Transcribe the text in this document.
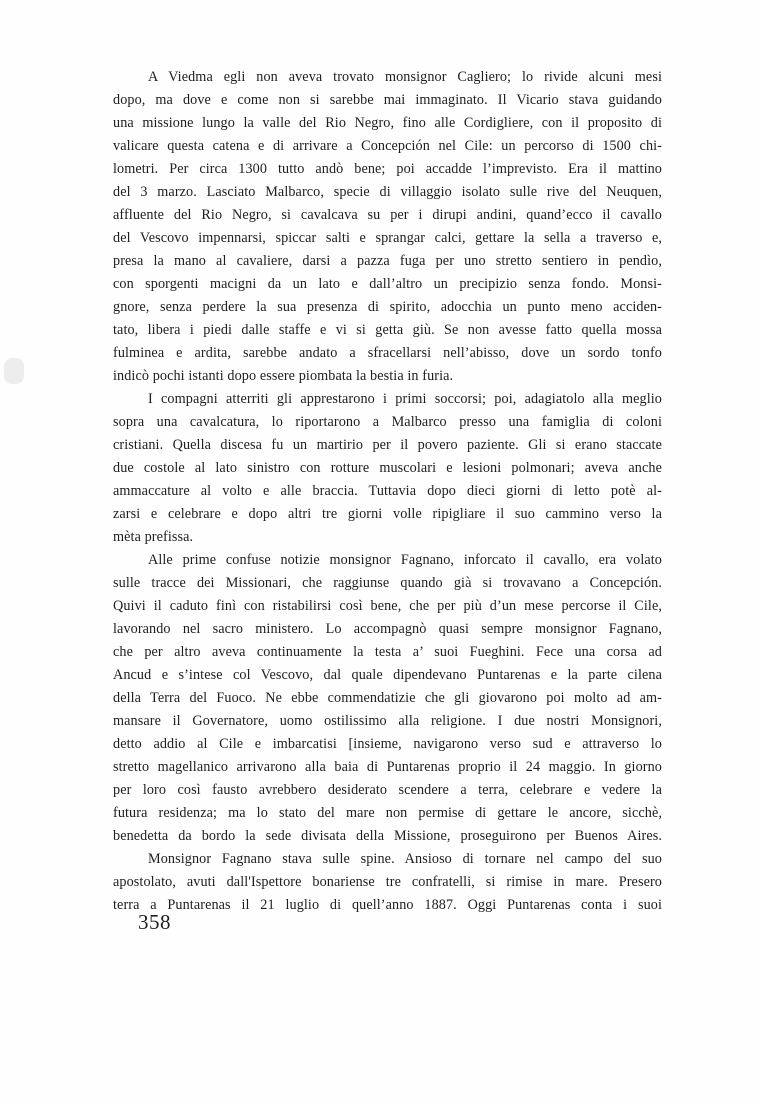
A Viedma egli non aveva trovato monsignor Cagliero; lo rivide alcuni mesi
dopo, ma dove e come non si sarebbe mai immaginato. Il Vicario stava guidando
una missione lungo la valle del Rio Negro, fino alle Cordigliere, con il proposito di
valicare questa catena e di arrivare a Concepción nel Cile: un percorso di 1500 chi-
lometri. Per circa 1300 tutto andò bene; poi accadde l’imprevisto. Era il mattino
del 3 marzo. Lasciato Malbarco, specie di villaggio isolato sulle rive del Neuquen,
affluente del Rio Negro, si cavalcava su per i dirupi andini, quand’ecco il cavallo
del Vescovo impennarsi, spiccar salti e sprangar calci, gettare la sella a traverso e,
presa la mano al cavaliere, darsi a pazza fuga per uno stretto sentiero in pendìo,
con sporgenti macigni da un lato e dall’altro un precipizio senza fondo. Monsi-
gnore, senza perdere la sua presenza di spirito, adocchia un punto meno acciden-
tato, libera i piedi dalle staffe e vi si getta giù. Se non avesse fatto quella mossa
fulminea e ardita, sarebbe andato a sfracellarsi nell’abisso, dove un sordo tonfo
indicò pochi istanti dopo essere piombata la bestia in furia.
I compagni atterriti gli apprestarono i primi soccorsi; poi, adagiatolo alla meglio
sopra una cavalcatura, lo riportarono a Malbarco presso una famiglia di coloni
cristiani. Quella discesa fu un martirio per il povero paziente. Gli si erano staccate
due costole al lato sinistro con rotture muscolari e lesioni polmonari; aveva anche
ammaccature al volto e alle braccia. Tuttavia dopo dieci giorni di letto potè al-
zarsi e celebrare e dopo altri tre giorni volle ripigliare il suo cammino verso la
mèta prefissa.
Alle prime confuse notizie monsignor Fagnano, inforcato il cavallo, era volato
sulle tracce dei Missionari, che raggiunse quando già si trovavano a Concepción.
Quivi il caduto finì con ristabilirsi così bene, che per più d’un mese percorse il Cile,
lavorando nel sacro ministero. Lo accompagnò quasi sempre monsignor Fagnano,
che per altro aveva continuamente la testa a’ suoi Fueghini. Fece una corsa ad
Ancud e s’intese col Vescovo, dal quale dipendevano Puntarenas e la parte cilena
della Terra del Fuoco. Ne ebbe commendatizie che gli giovarono poi molto ad am-
mansare il Governatore, uomo ostilissimo alla religione. I due nostri Monsignori,
detto addio al Cile e imbarcatisi [insieme, navigarono verso sud e attraverso lo
stretto magellanico arrivarono alla baia di Puntarenas proprio il 24 maggio. In giorno
per loro così fausto avrebbero desiderato scendere a terra, celebrare e vedere la
futura residenza; ma lo stato del mare non permise di gettare le ancore, sicchè,
benedetta da bordo la sede divisata della Missione, proseguirono per Buenos Aires.
Monsignor Fagnano stava sulle spine. Ansioso di tornare nel campo del suo
apostolato, avuti dall'Ispettore bonariense tre confratelli, si rimise in mare. Presero
terra a Puntarenas il 21 luglio di quell’anno 1887. Oggi Puntarenas conta i suoi
358
